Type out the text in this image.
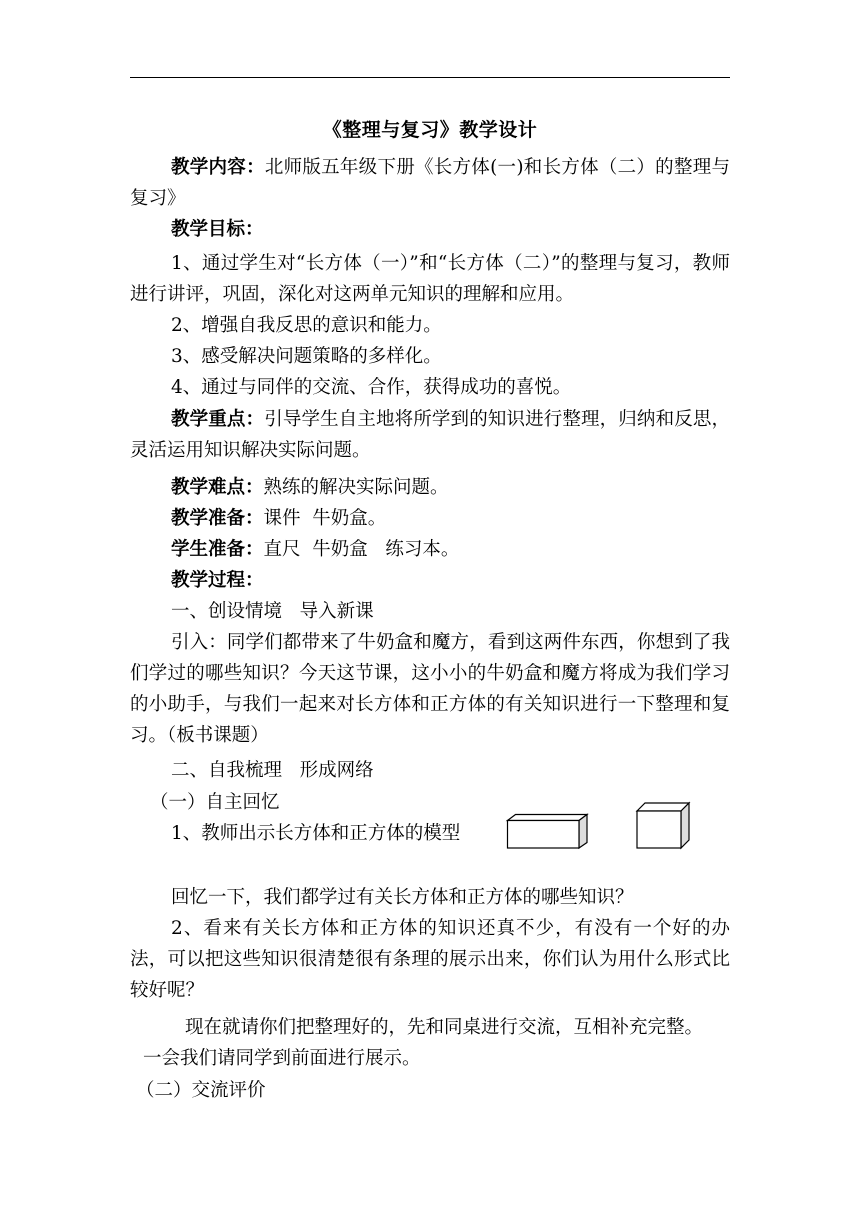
《整理与复习》教学设计
教学内容：北师版五年级下册《长方体(一)和长方体（二）的整理与复习》
教学目标：
1、通过学生对“长方体（一）”和“长方体（二）”的整理与复习，教师进行讲评，巩固，深化对这两单元知识的理解和应用。
2、增强自我反思的意识和能力。
3、感受解决问题策略的多样化。
4、通过与同伴的交流、合作，获得成功的喜悦。
教学重点：引导学生自主地将所学到的知识进行整理，归纳和反思，灵活运用知识解决实际问题。
教学难点：熟练的解决实际问题。
教学准备：课件  牛奶盒。
学生准备：直尺  牛奶盒   练习本。
教学过程：
一、创设情境   导入新课
引入：同学们都带来了牛奶盒和魔方，看到这两件东西，你想到了我们学过的哪些知识？今天这节课，这小小的牛奶盒和魔方将成为我们学习的小助手，与我们一起来对长方体和正方体的有关知识进行一下整理和复习。（板书课题）
二、自我梳理   形成网络
（一）自主回忆
1、教师出示长方体和正方体的模型
回忆一下，我们都学过有关长方体和正方体的哪些知识？
2、看来有关长方体和正方体的知识还真不少，有没有一个好的办法，可以把这些知识很清楚很有条理的展示出来，你们认为用什么形式比较好呢？
现在就请你们把整理好的，先和同桌进行交流，互相补充完整。
一会我们请同学到前面进行展示。
（二）交流评价
